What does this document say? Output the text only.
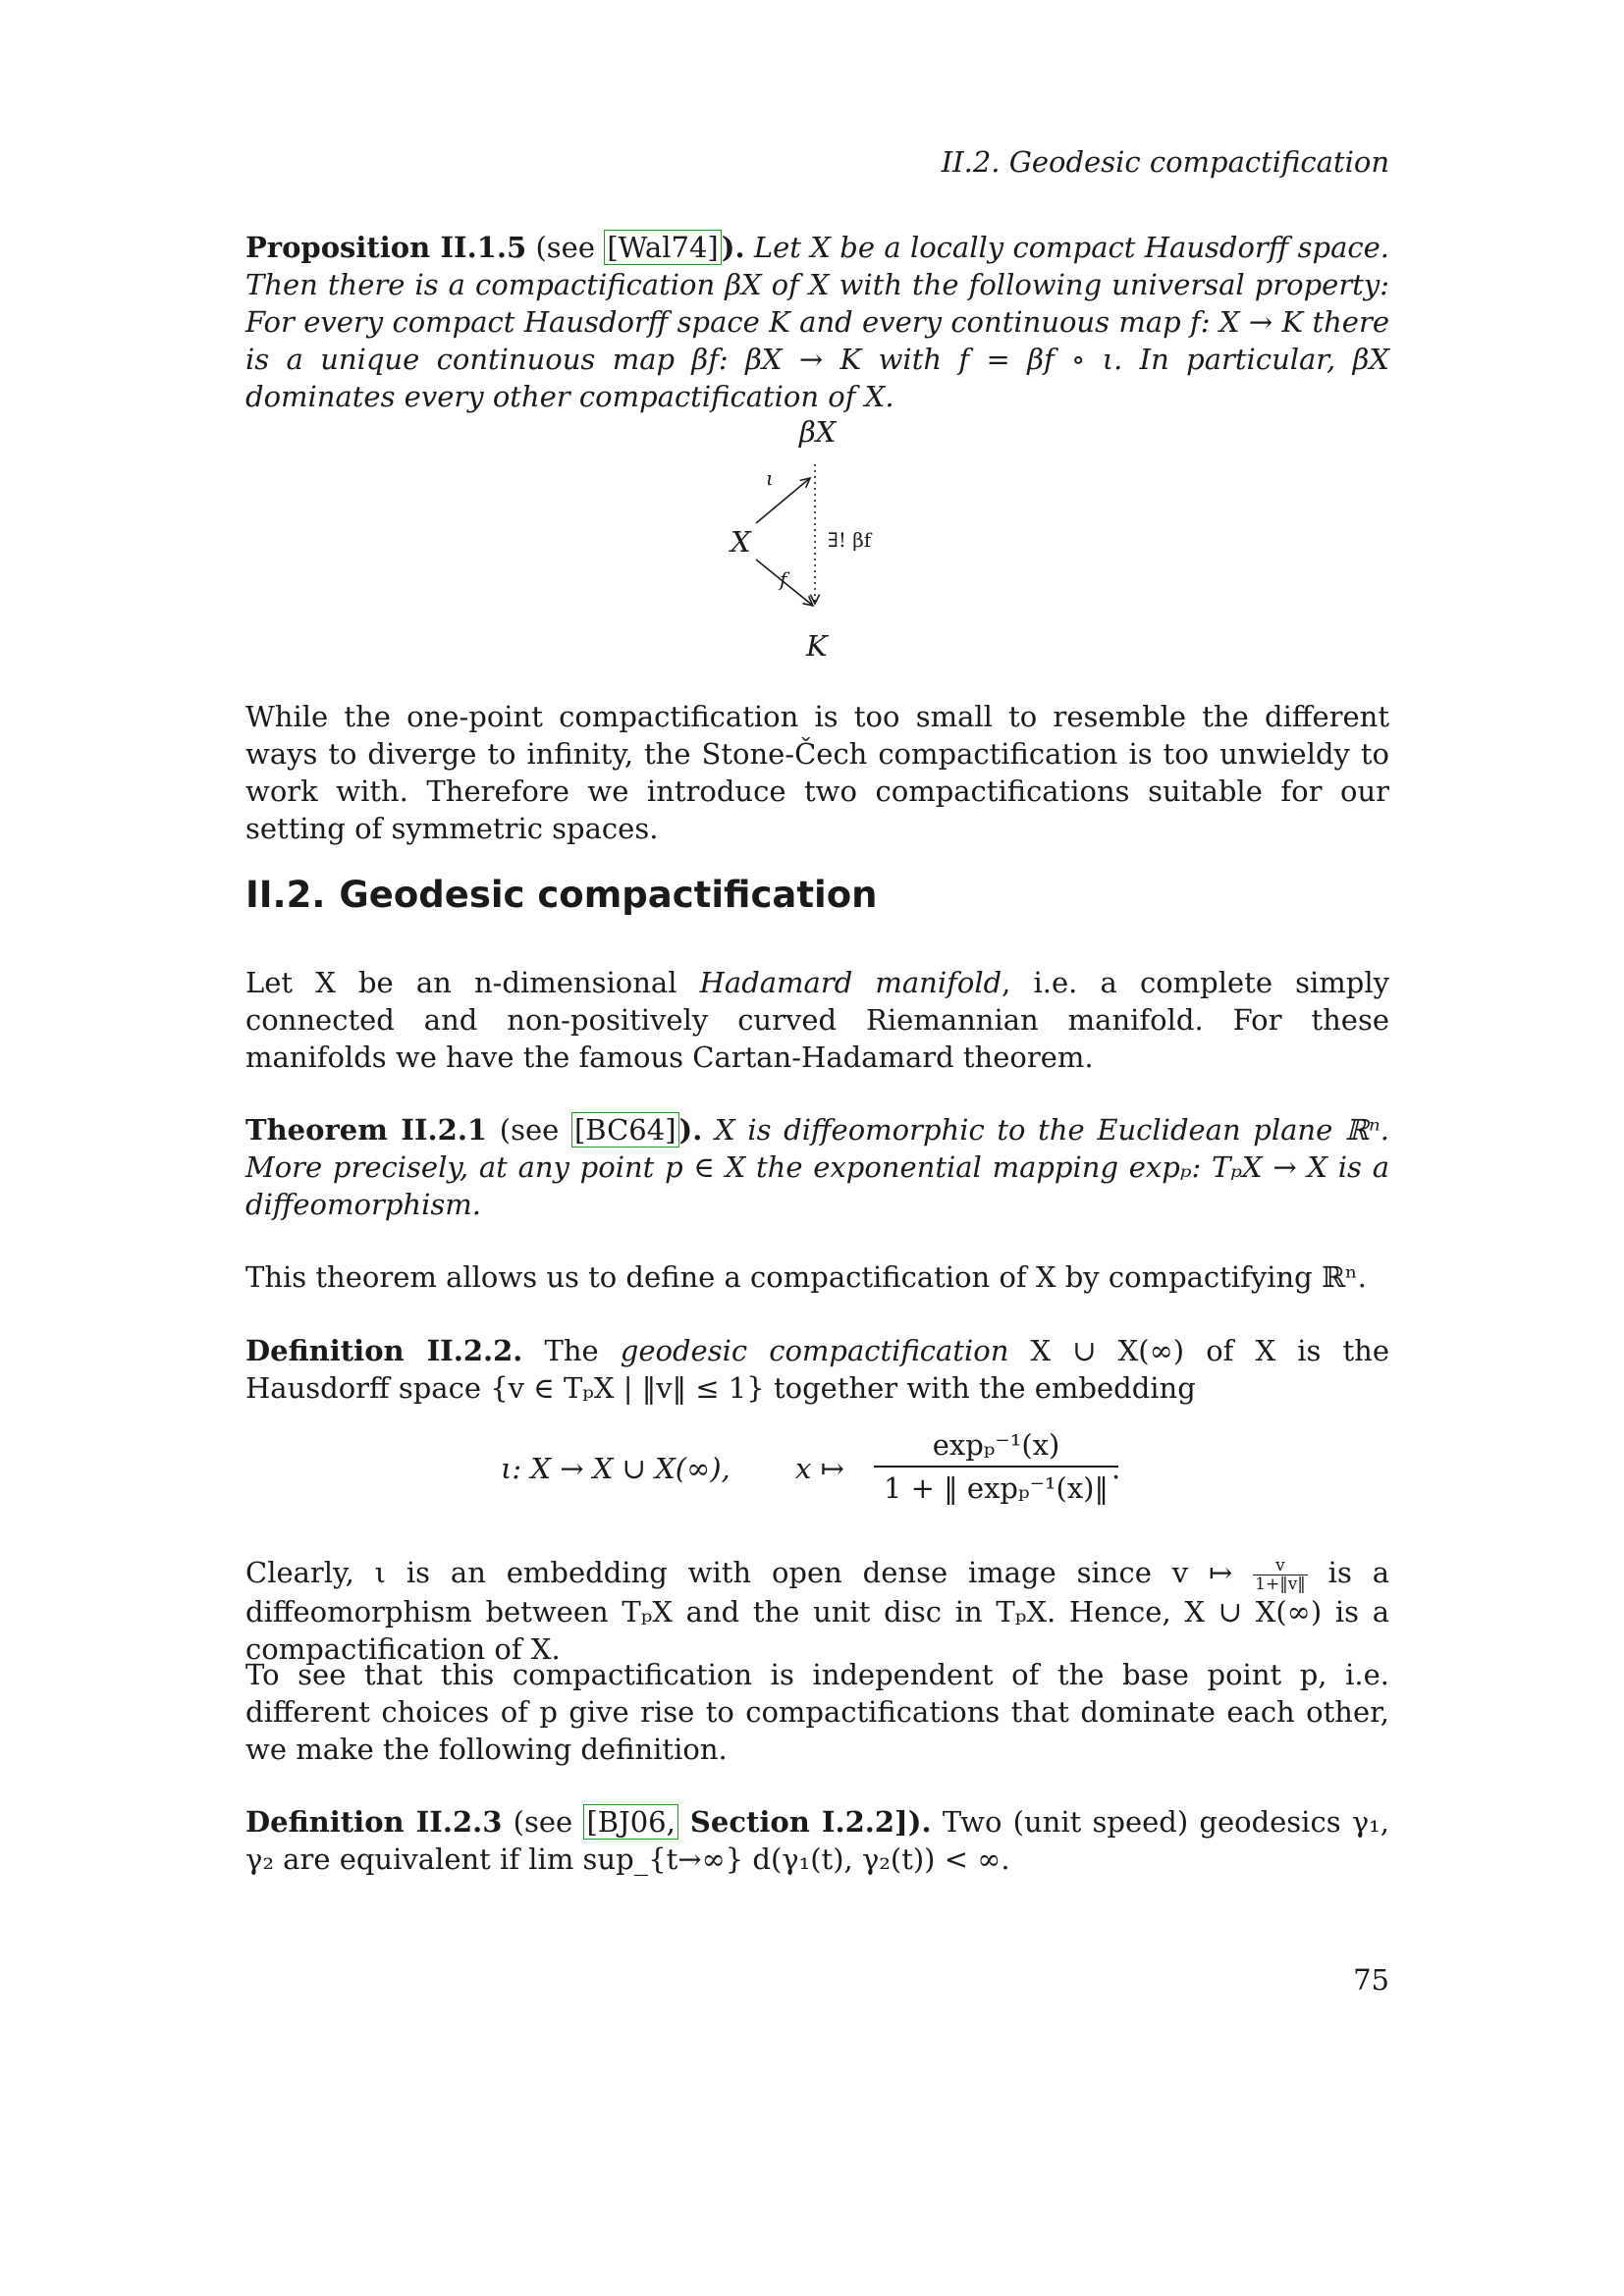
II.2. Geodesic compactification
Proposition II.1.5 (see [Wal74] ). Let X be a locally compact Hausdorff space. Then there is a compactification βX of X with the following universal property: For every compact Hausdorff space K and every continuous map f: X → K there is a unique continuous map βf: βX → K with f = βf ∘ ι. In particular, βX dominates every other compactification of X.
βX
X
K
ι
f
∃! βf
While the one-point compactification is too small to resemble the different ways to diverge to infinity, the Stone-Čech compactification is too unwieldy to work with. Therefore we introduce two compactifications suitable for our setting of symmetric spaces.
II.2. Geodesic compactification
Let X be an n-dimensional Hadamard manifold, i.e. a complete simply connected and non-positively curved Riemannian manifold. For these manifolds we have the famous Cartan-Hadamard theorem.
Theorem II.2.1 (see [BC64] ). X is diffeomorphic to the Euclidean plane ℝⁿ. More precisely, at any point p ∈ X the exponential mapping expₚ: TₚX → X is a diffeomorphism.
This theorem allows us to define a compactification of X by compactifying ℝⁿ.
Definition II.2.2. The geodesic compactification X ∪ X(∞) of X is the Hausdorff space {v ∈ TₚX | ‖v‖ ≤ 1} together with the embedding
ι: X → X ∪ X(∞), x ↦ $\frac{\text{expₚ⁻¹(x)}}{\text{1 + ‖ expₚ⁻¹(x)‖}}$
.
Clearly, ι is an embedding with open dense image since v ↦ $\frac{v}{1+‖v‖}$ is a diffeomorphism between TₚX and the unit disc in TₚX. Hence, X ∪ X(∞) is a compactification of X.
To see that this compactification is independent of the base point p, i.e. different choices of p give rise to compactifications that dominate each other, we make the following definition.
Definition II.2.3 (see [BJ06, Section I.2.2]). Two (unit speed) geodesics γ₁, γ₂ are equivalent if lim sup_{t→∞} d(γ₁(t), γ₂(t)) < ∞.
75
